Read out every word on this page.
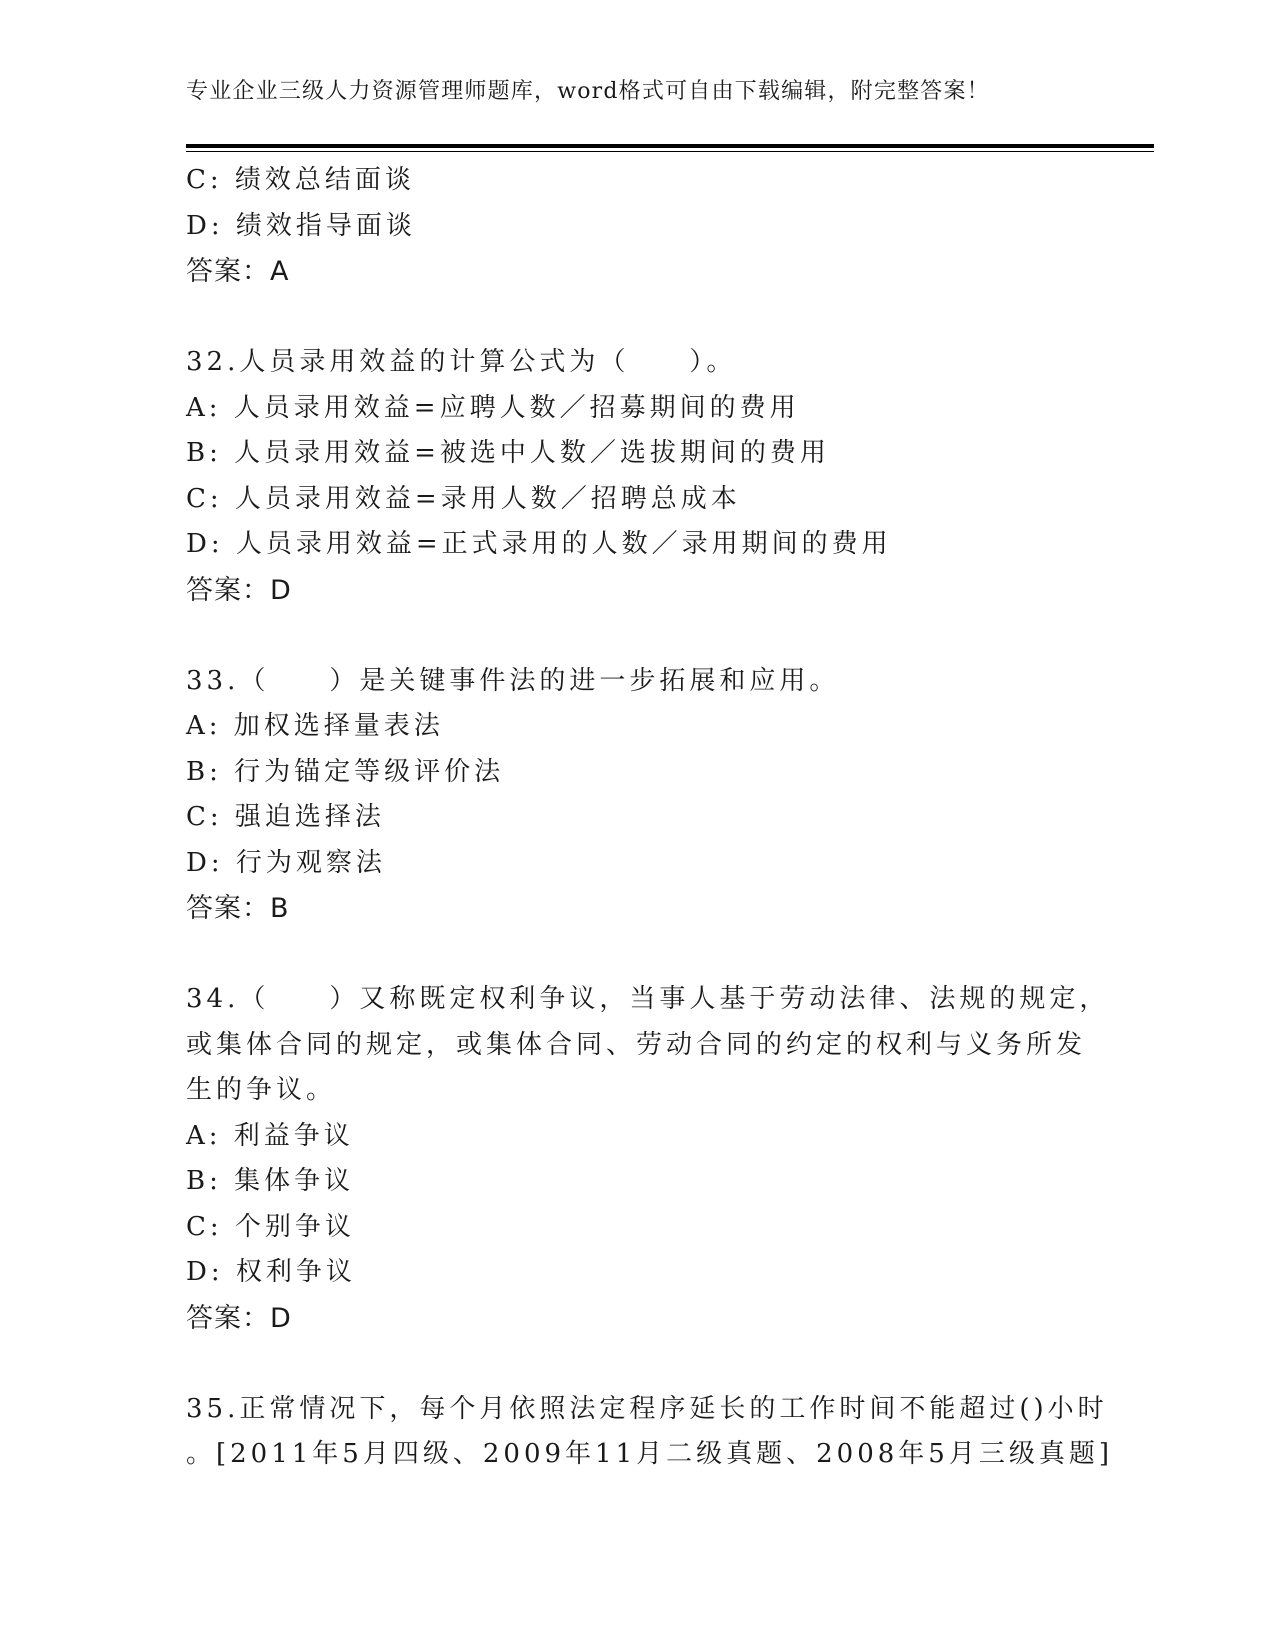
专业企业三级人力资源管理师题库，word格式可自由下载编辑，附完整答案！
C: 绩效总结面谈
D: 绩效指导面谈
答案：A
32.人员录用效益的计算公式为（　　）。
A: 人员录用效益=应聘人数／招募期间的费用
B: 人员录用效益=被选中人数／选拔期间的费用
C: 人员录用效益=录用人数／招聘总成本
D: 人员录用效益=正式录用的人数／录用期间的费用
答案：D
33.（　　）是关键事件法的进一步拓展和应用。
A: 加权选择量表法
B: 行为锚定等级评价法
C: 强迫选择法
D: 行为观察法
答案：B
34.（　　）又称既定权利争议，当事人基于劳动法律、法规的规定，
或集体合同的规定，或集体合同、劳动合同的约定的权利与义务所发
生的争议。
A: 利益争议
B: 集体争议
C: 个别争议
D: 权利争议
答案：D
35.正常情况下，每个月依照法定程序延长的工作时间不能超过()小时
。[2011年5月四级、2009年11月二级真题、2008年5月三级真题]
